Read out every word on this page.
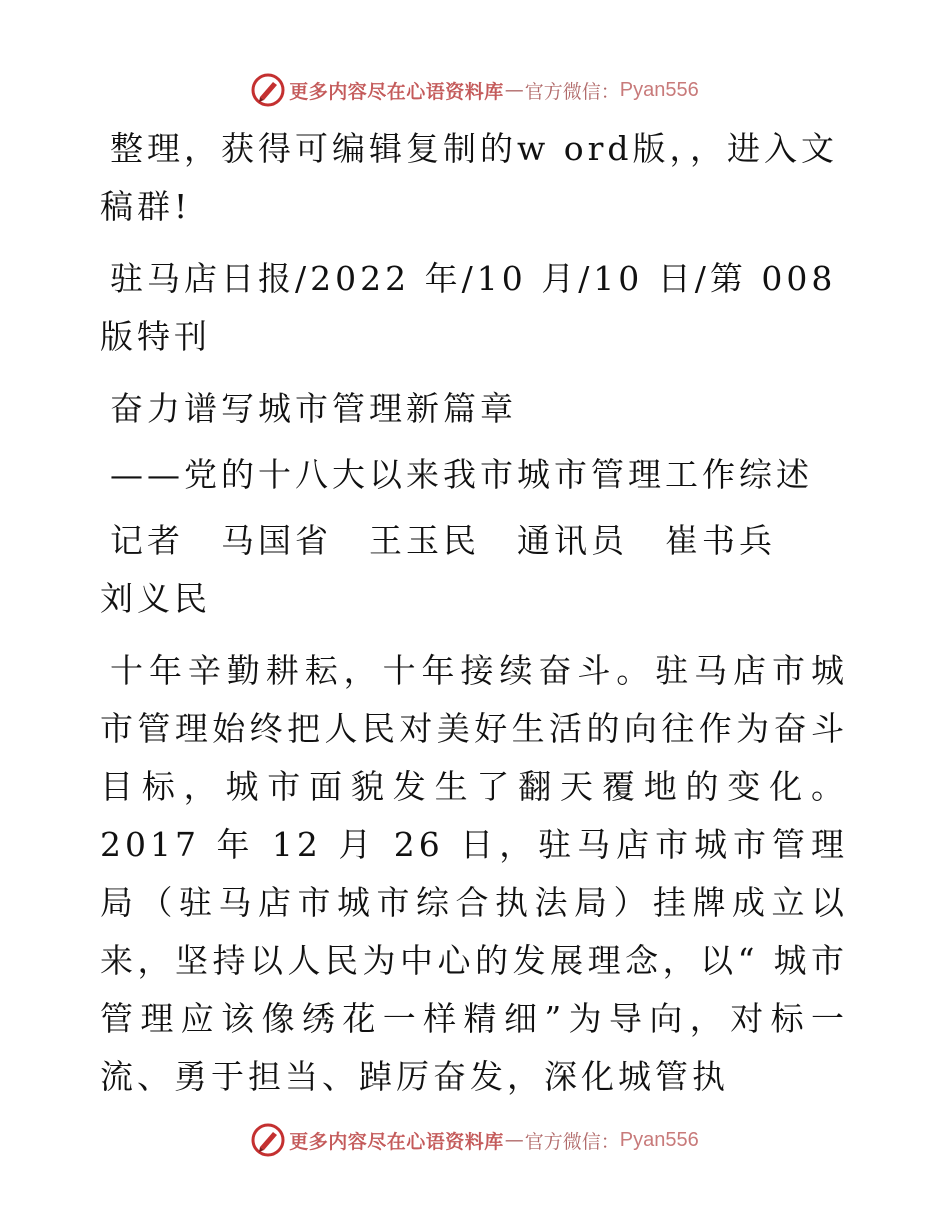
更多内容尽在心语资料库 — 官方微信： Pyan556

整理，获得可编辑复制的w ord版，，进入文稿群!

驻马店日报/2022 年/10 月/10 日/第 008 版特刊

奋力谱写城市管理新篇章

——党的十八大以来我市城市管理工作综述

记者　马国省　王玉民　通讯员　崔书兵　刘义民

十年辛勤耕耘，十年接续奋斗。驻马店市城市管理始终把人民对美好生活的向往作为奋斗目标，城市面貌发生了翻天覆地的变化。2017 年 12 月 26 日，驻马店市城市管理局（驻马店市城市综合执法局）挂牌成立以来，坚持以人民为中心的发展理念，以“ 城市管理应该像绣花一样精细”为导向，对标一流、勇于担当、踔厉奋发，深化城管执

更多内容尽在心语资料库 — 官方微信： Pyan556
